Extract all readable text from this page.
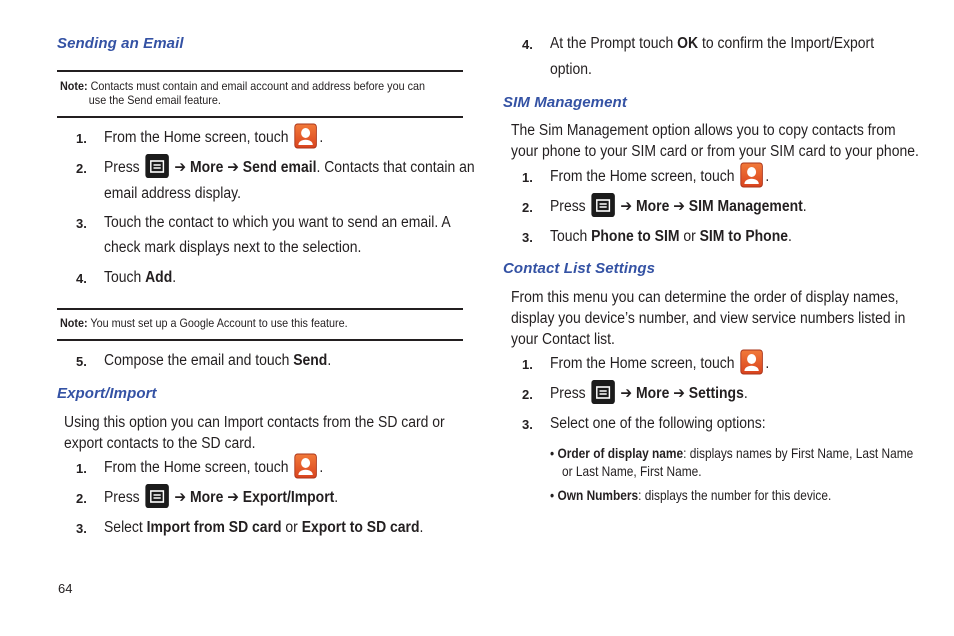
Sending an Email
Note: Contacts must contain and email account and address before you can
use the Send email feature.
1. From the Home screen, touch .
2. Press ➔ More ➔ Send email. Contacts that contain an
email address display.
3. Touch the contact to which you want to send an email. A
check mark displays next to the selection.
4. Touch Add.
Note: You must set up a Google Account to use this feature.
5. Compose the email and touch Send.
Export/Import
Using this option you can Import contacts from the SD card or
export contacts to the SD card.
1. From the Home screen, touch .
2. Press ➔ More ➔ Export/Import.
3. Select Import from SD card or Export to SD card.
64
4. At the Prompt touch OK to confirm the Import/Export
option.
SIM Management
The Sim Management option allows you to copy contacts from
your phone to your SIM card or from your SIM card to your phone.
1. From the Home screen, touch .
2. Press ➔ More ➔ SIM Management.
3. Touch Phone to SIM or SIM to Phone.
Contact List Settings
From this menu you can determine the order of display names,
display you device’s number, and view service numbers listed in
your Contact list.
1. From the Home screen, touch .
2. Press ➔ More ➔ Settings.
3. Select one of the following options:
• Order of display name: displays names by First Name, Last Name
or Last Name, First Name.
• Own Numbers: displays the number for this device.
